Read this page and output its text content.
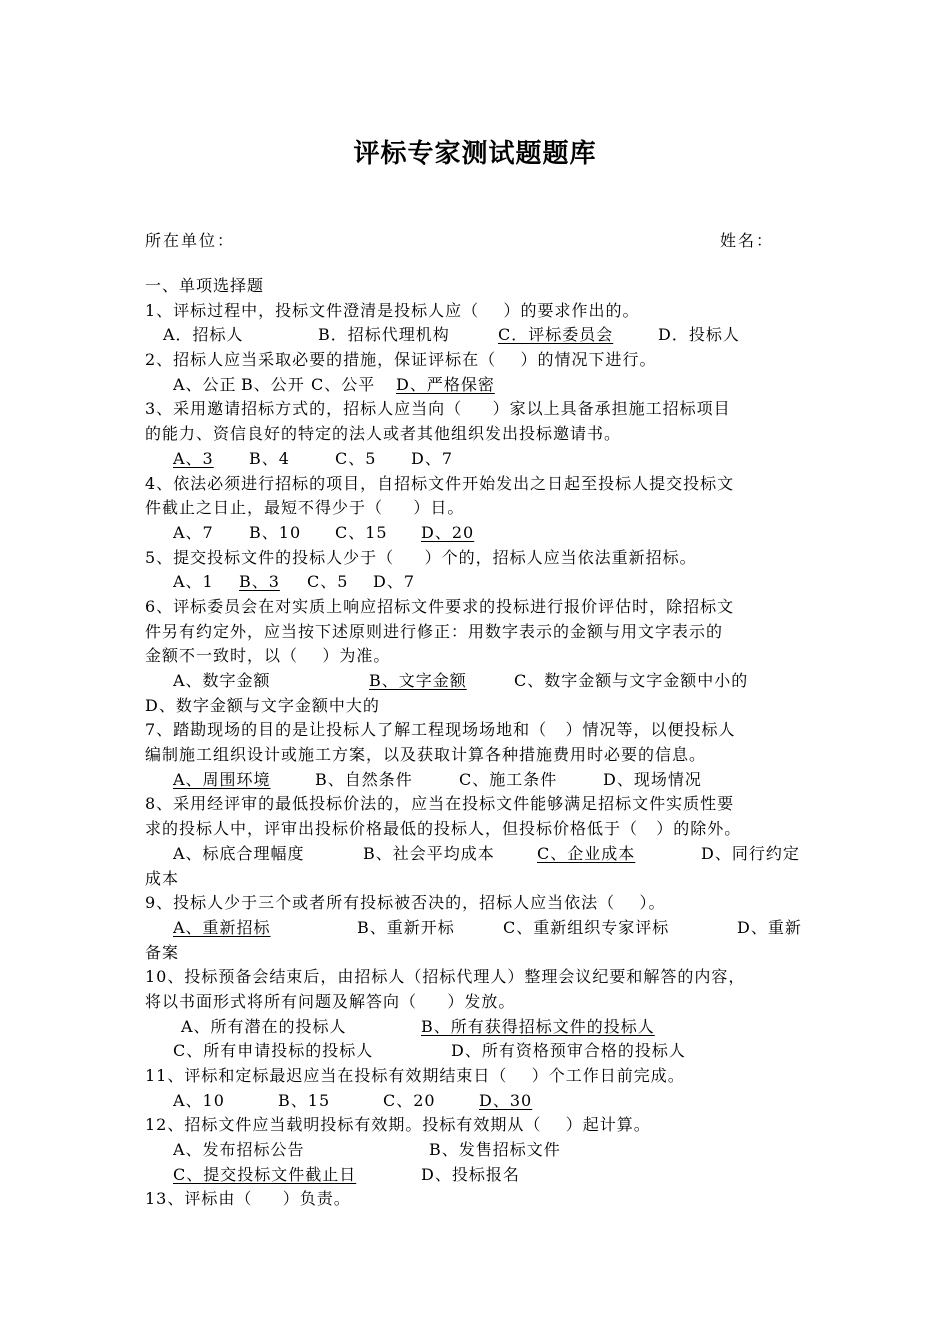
评标专家测试题题库
所在单位：	姓名：
一、单项选择题
1、评标过程中，投标文件澄清是投标人应（    ）的要求作出的。
A．招标人	B．招标代理机构	C．评标委员会	D．投标人
2、招标人应当采取必要的措施，保证评标在（    ）的情况下进行。
A、公正 B、公开 C、公平 D、严格保密
3、采用邀请招标方式的，招标人应当向（     ）家以上具备承担施工招标项目
的能力、资信良好的特定的法人或者其他组织发出投标邀请书。
A、3 B、4	C、5 D、7
4、依法必须进行招标的项目，自招标文件开始发出之日起至投标人提交投标文
件截止之日止，最短不得少于（     ）日。
A、7 B、10 C、15 D、20
5、提交投标文件的投标人少于（     ）个的，招标人应当依法重新招标。
A、1 B、3 C、5 D、7
6、评标委员会在对实质上响应招标文件要求的投标进行报价评估时，除招标文
件另有约定外，应当按下述原则进行修正：用数字表示的金额与用文字表示的
金额不一致时，以（    ）为准。
A、数字金额	B、文字金额	C、数字金额与文字金额中小的
D、数字金额与文字金额中大的
7、踏勘现场的目的是让投标人了解工程现场场地和（   ）情况等，以便投标人
编制施工组织设计或施工方案，以及获取计算各种措施费用时必要的信息。
A、周围环境	B、自然条件	C、施工条件	D、现场情况
8、采用经评审的最低投标价法的，应当在投标文件能够满足招标文件实质性要
求的投标人中，评审出投标价格最低的投标人，但投标价格低于（   ）的除外。
A、标底合理幅度	B、社会平均成本	C、企业成本	D、同行约定
成本
9、投标人少于三个或者所有投标被否决的，招标人应当依法（    ）。
A、重新招标	B、重新开标	C、重新组织专家评标	D、重新
备案
10、投标预备会结束后，由招标人（招标代理人）整理会议纪要和解答的内容，
将以书面形式将所有问题及解答向（     ）发放。
A、所有潜在的投标人	B、所有获得招标文件的投标人
C、所有申请投标的投标人	D、所有资格预审合格的投标人
11、评标和定标最迟应当在投标有效期结束日（    ）个工作日前完成。
A、10	B、15	C、20	D、30
12、招标文件应当载明投标有效期。投标有效期从（    ）起计算。
A、发布招标公告	B、发售招标文件
C、提交投标文件截止日	D、投标报名
13、评标由（     ）负责。
